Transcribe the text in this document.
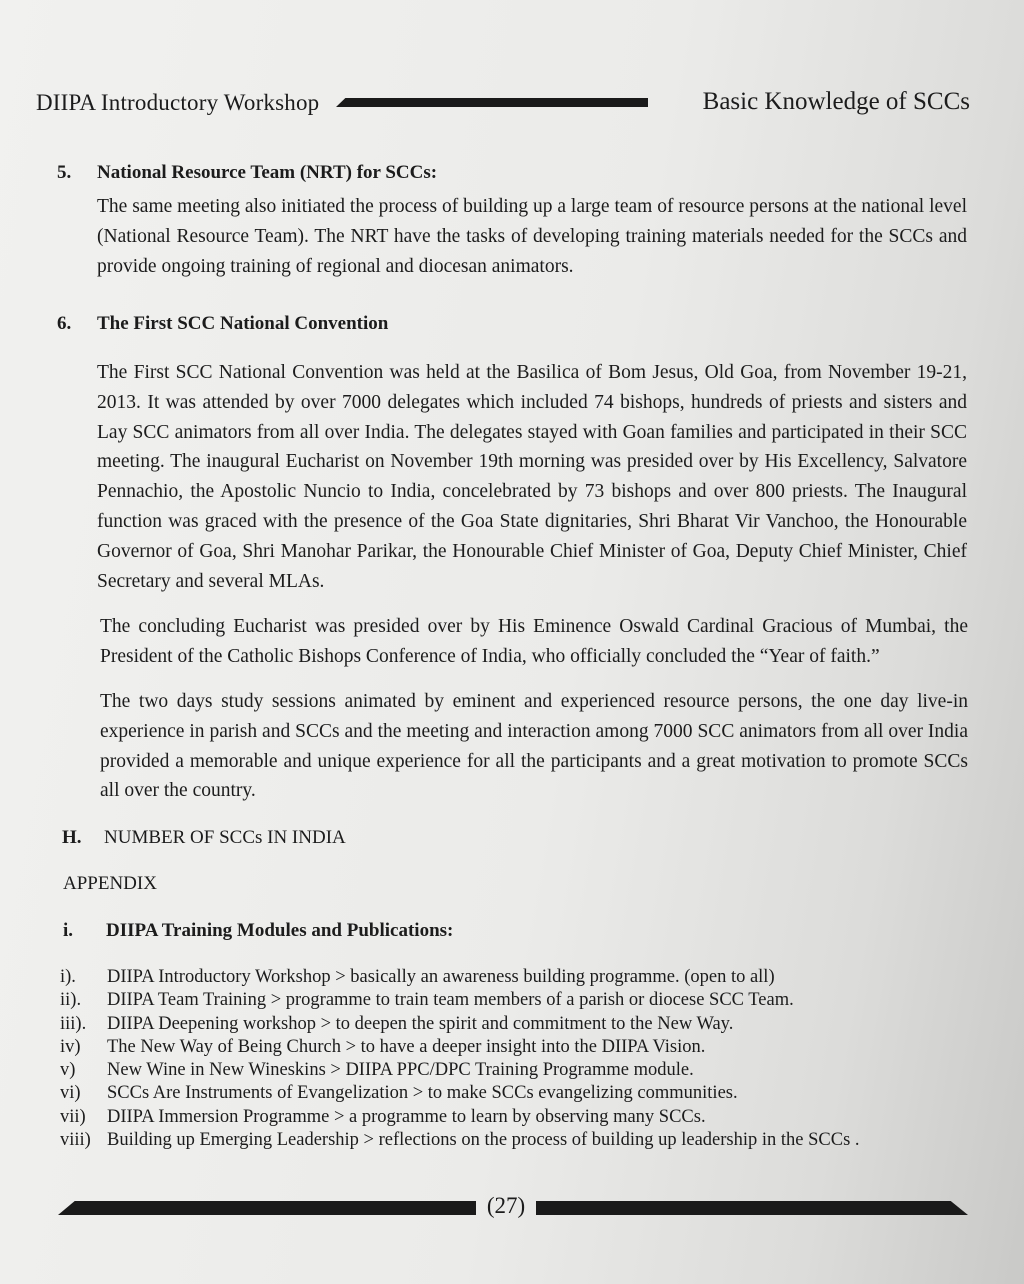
DIIPA Introductory Workshop	Basic Knowledge of SCCs
5. National Resource Team (NRT) for SCCs:

The same meeting also initiated the process of building up a large team of resource persons at the national level (National Resource Team). The NRT have the tasks of developing training materials needed for the SCCs and provide ongoing training of regional and diocesan animators.

6. The First SCC National Convention

The First SCC National Convention was held at the Basilica of Bom Jesus, Old Goa, from November 19-21, 2013. It was attended by over 7000 delegates which included 74 bishops, hundreds of priests and sisters and Lay SCC animators from all over India. The delegates stayed with Goan families and participated in their SCC meeting. The inaugural Eucharist on November 19th morning was presided over by His Excellency, Salvatore Pennachio, the Apostolic Nuncio to India, concelebrated by 73 bishops and over 800 priests. The Inaugural function was graced with the presence of the Goa State dignitaries, Shri Bharat Vir Vanchoo, the Honourable Governor of Goa, Shri Manohar Parikar, the Honourable Chief Minister of Goa, Deputy Chief Minister, Chief Secretary and several MLAs.

The concluding Eucharist was presided over by His Eminence Oswald Cardinal Gracious of Mumbai, the President of the Catholic Bishops Conference of India, who officially concluded the “Year of faith.”

The two days study sessions animated by eminent and experienced resource persons, the one day live-in experience in parish and SCCs and the meeting and interaction among 7000 SCC animators from all over India provided a memorable and unique experience for all the participants and a great motivation to promote SCCs all over the country.

H. NUMBER OF SCCs IN INDIA
APPENDIX
i. DIIPA Training Modules and Publications:
i). DIIPA Introductory Workshop > basically an awareness building programme. (open to all)
ii). DIIPA Team Training > programme to train team members of a parish or diocese SCC Team.
iii). DIIPA Deepening workshop > to deepen the spirit and commitment to the New Way.
iv) The New Way of Being Church > to have a deeper insight into the DIIPA Vision.
v) New Wine in New Wineskins > DIIPA PPC/DPC Training Programme module.
vi) SCCs Are Instruments of Evangelization > to make SCCs evangelizing communities.
vii) DIIPA Immersion Programme > a programme to learn by observing many SCCs.
viii) Building up Emerging Leadership > reflections on the process of building up leadership in the SCCs .
(27)
